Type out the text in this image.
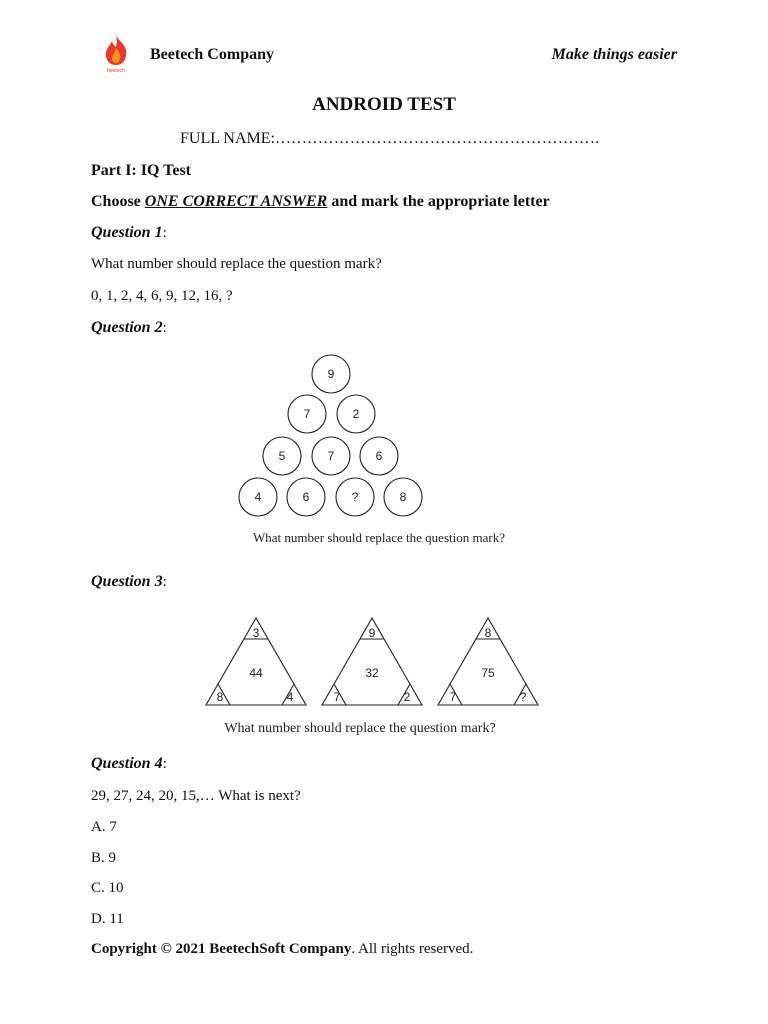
beetech
Beetech Company	Make things easier
ANDROID TEST
FULL NAME:…………………………………………………….
Part I: IQ Test
Choose ONE CORRECT ANSWER and mark the appropriate letter
Question 1:
What number should replace the question mark?
0, 1, 2, 4, 6, 9, 12, 16, ?
Question 2:
9
7	2
5	7	6
4	6	?	8
What number should replace the question mark?
Question 3:
3
44
8	4
9
32
7	2
8
75
7	?
What number should replace the question mark?
Question 4:
29, 27, 24, 20, 15,… What is next?
A. 7
B. 9
C. 10
D. 11
Copyright © 2021 BeetechSoft Company. All rights reserved.
